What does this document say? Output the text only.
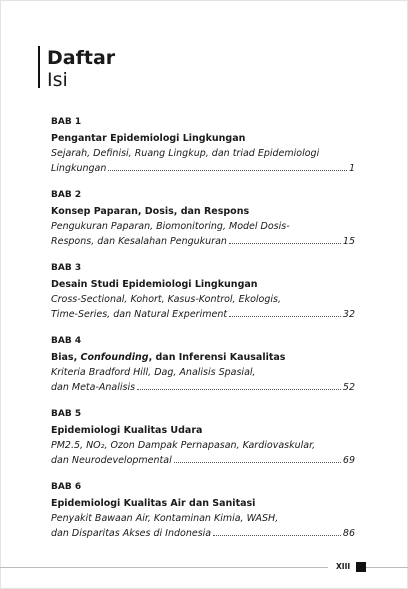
Daftar
Isi
BAB 1
Pengantar Epidemiologi Lingkungan
Sejarah, Definisi, Ruang Lingkup, dan triad Epidemiologi
Lingkungan	1
BAB 2
Konsep Paparan, Dosis, dan Respons
Pengukuran Paparan, Biomonitoring, Model Dosis-
Respons, dan Kesalahan Pengukuran	15
BAB 3
Desain Studi Epidemiologi Lingkungan
Cross-Sectional, Kohort, Kasus-Kontrol, Ekologis,
Time-Series, dan Natural Experiment	32
BAB 4
Bias, Confounding, dan Inferensi Kausalitas
Kriteria Bradford Hill, Dag, Analisis Spasial,
dan Meta-Analisis	52
BAB 5
Epidemiologi Kualitas Udara
PM2.5, NO₂, Ozon Dampak Pernapasan, Kardiovaskular,
dan Neurodevelopmental	69
BAB 6
Epidemiologi Kualitas Air dan Sanitasi
Penyakit Bawaan Air, Kontaminan Kimia, WASH,
dan Disparitas Akses di Indonesia	86
XIII
